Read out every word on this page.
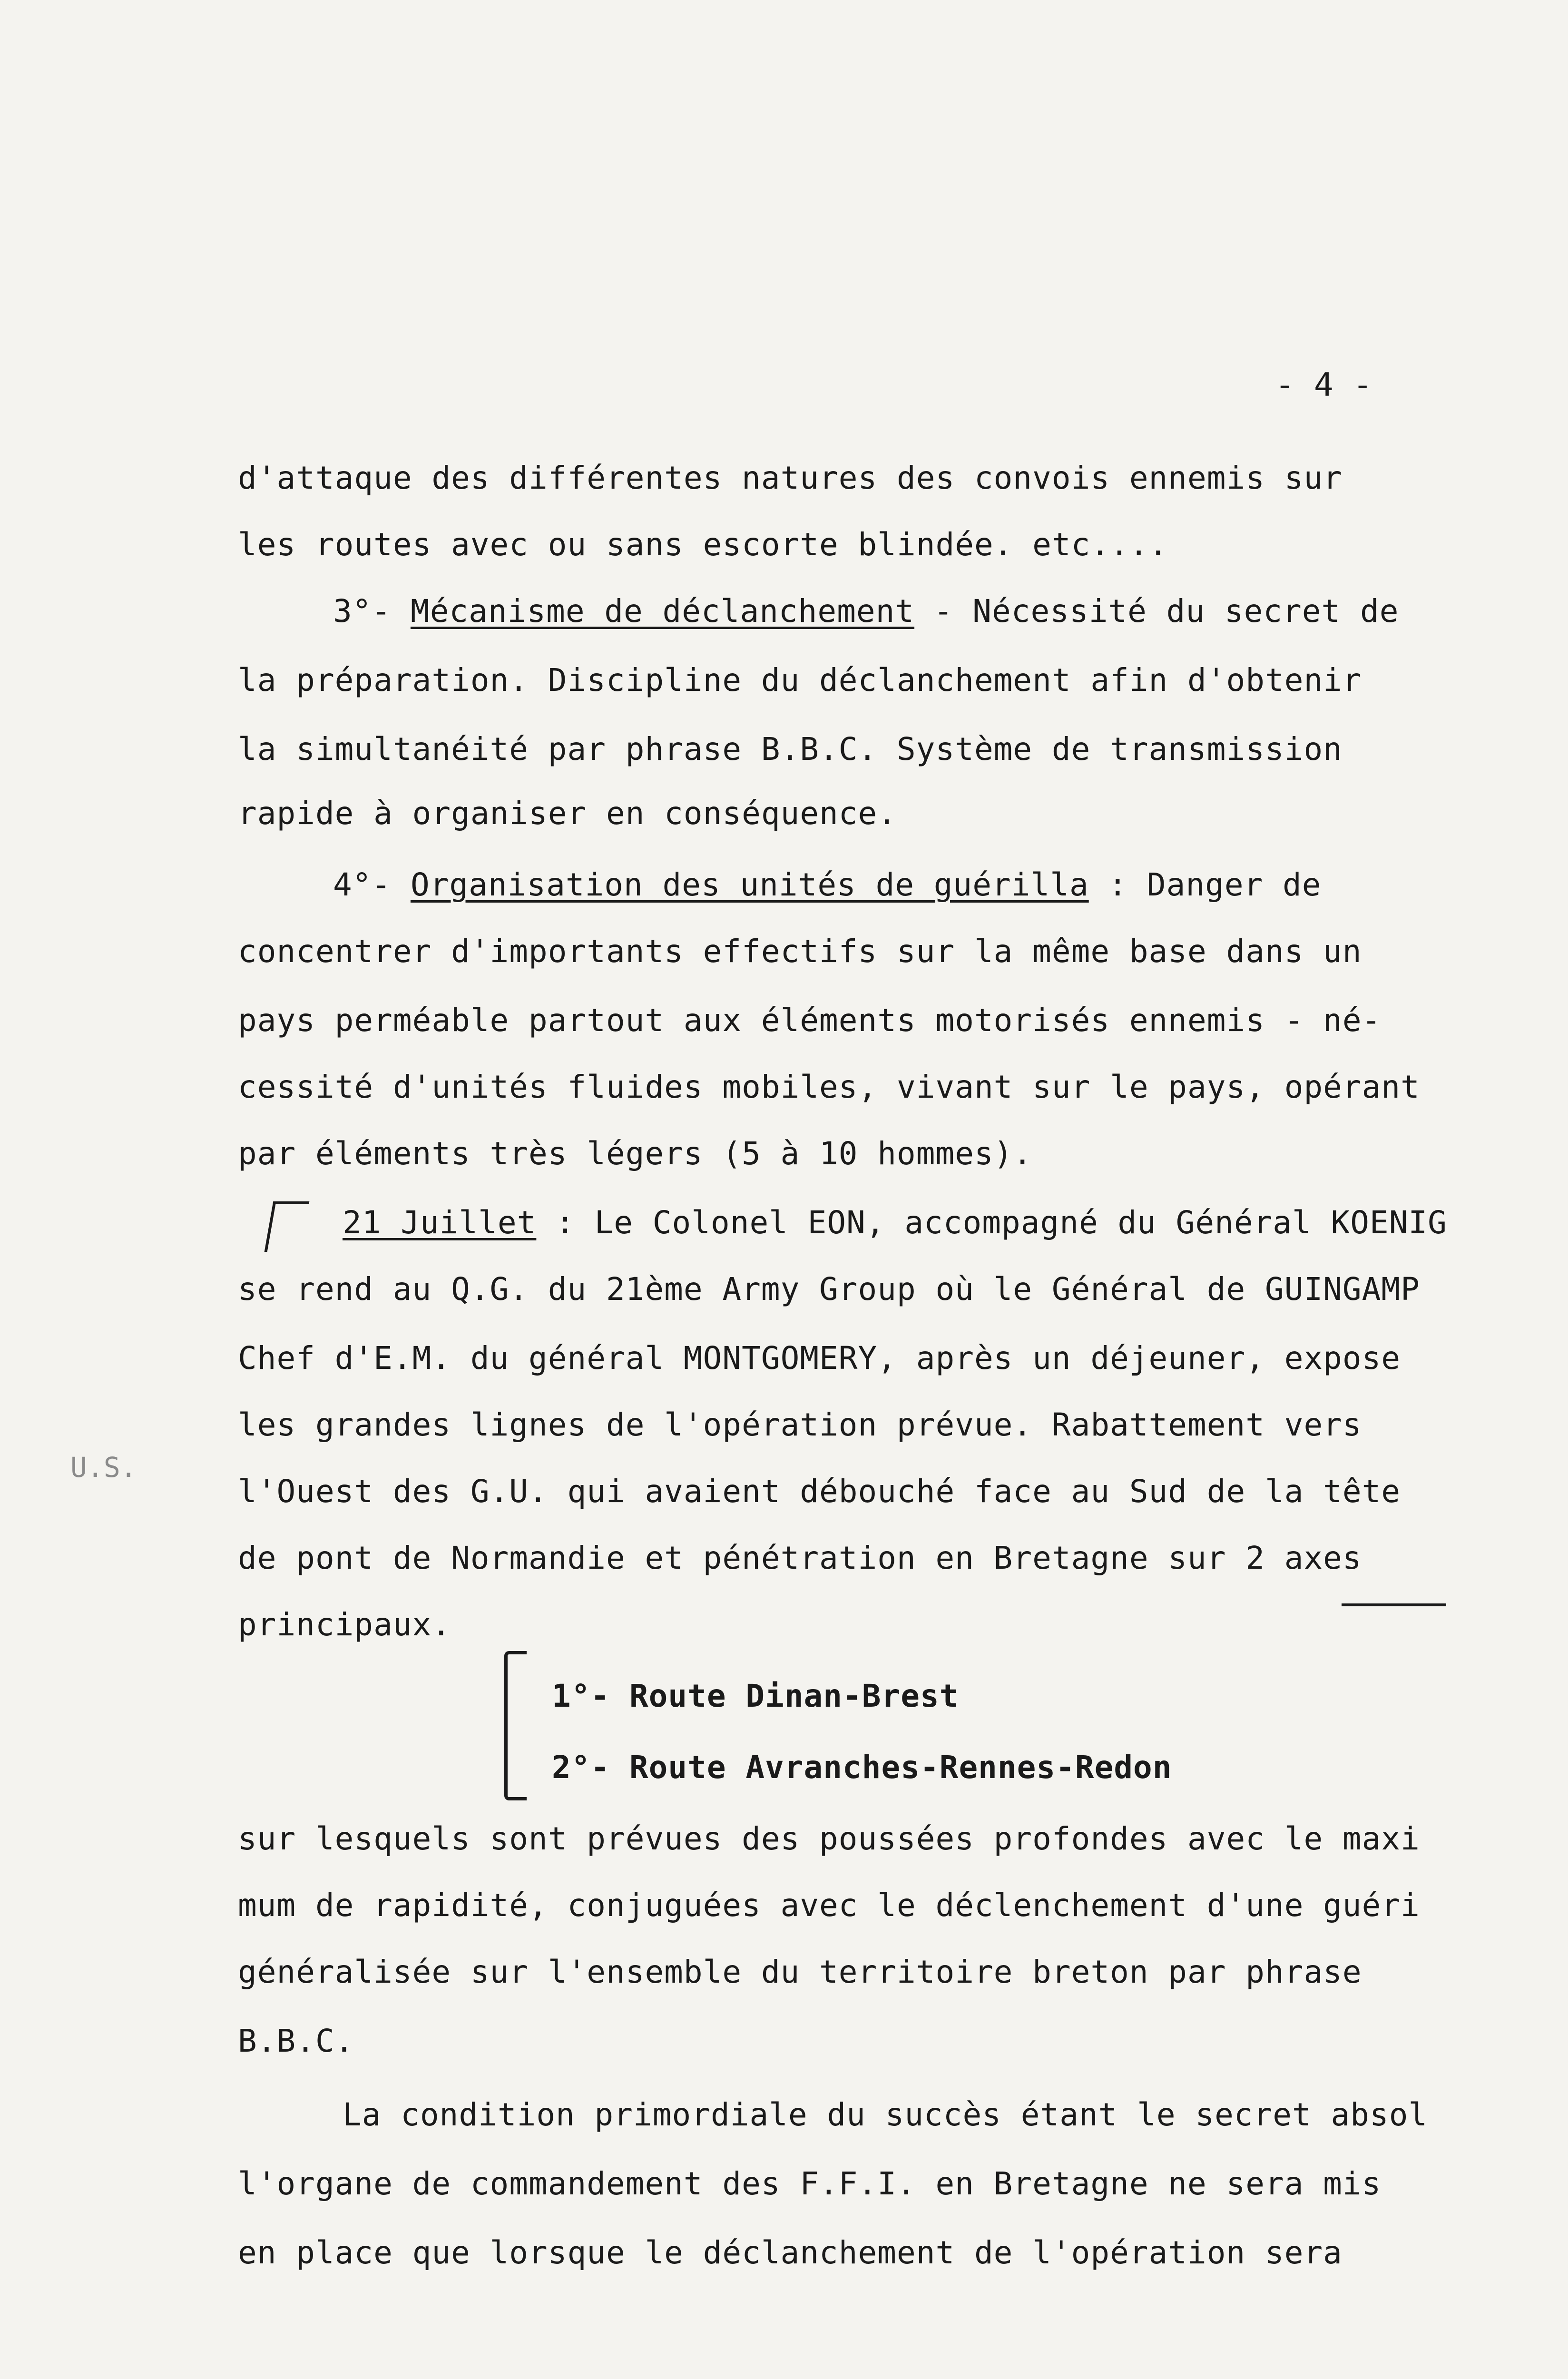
- 4 -
U.S.
d'attaque des différentes natures des convois ennemis sur
les routes avec ou sans escorte blindée. etc....
3°- Mécanisme de déclanchement - Nécessité du secret de
la préparation. Discipline du déclanchement afin d'obtenir
la simultanéité par phrase B.B.C. Système de transmission
rapide à organiser en conséquence.
4°- Organisation des unités de guérilla : Danger de
concentrer d'importants effectifs sur la même base dans un
pays perméable partout aux éléments motorisés ennemis - né-
cessité d'unités fluides mobiles, vivant sur le pays, opérant
par éléments très légers (5 à 10 hommes).
21 Juillet : Le Colonel EON, accompagné du Général KOENIG
se rend au Q.G. du 21ème Army Group où le Général de GUINGAMP
Chef d'E.M. du général MONTGOMERY, après un déjeuner, expose
les grandes lignes de l'opération prévue. Rabattement vers
l'Ouest des G.U. qui avaient débouché face au Sud de la tête
de pont de Normandie et pénétration en Bretagne sur 2 axes
principaux.
1°- Route Dinan-Brest
2°- Route Avranches-Rennes-Redon
sur lesquels sont prévues des poussées profondes avec le maxi
mum de rapidité, conjuguées avec le déclenchement d'une guéri
généralisée sur l'ensemble du territoire breton par phrase
B.B.C.
La condition primordiale du succès étant le secret absol
l'organe de commandement des F.F.I. en Bretagne ne sera mis
en place que lorsque le déclanchement de l'opération sera
